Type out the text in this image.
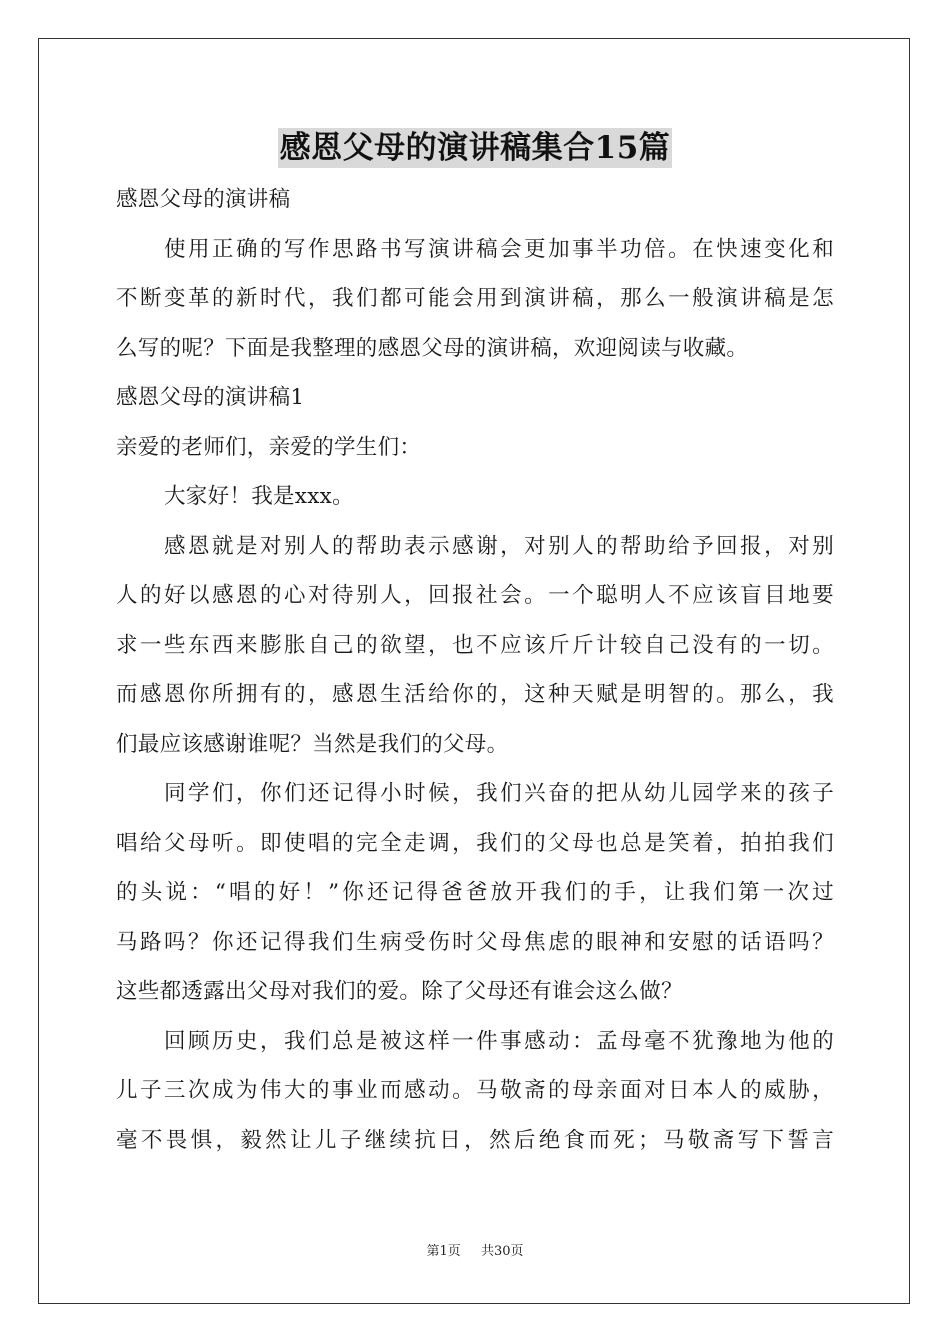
感恩父母的演讲稿集合15篇
感恩父母的演讲稿
使用正确的写作思路书写演讲稿会更加事半功倍。在快速变化和
不断变革的新时代，我们都可能会用到演讲稿，那么一般演讲稿是怎
么写的呢？下面是我整理的感恩父母的演讲稿，欢迎阅读与收藏。
感恩父母的演讲稿1
亲爱的老师们，亲爱的学生们：
大家好！我是xxx。
感恩就是对别人的帮助表示感谢，对别人的帮助给予回报，对别
人的好以感恩的心对待别人，回报社会。一个聪明人不应该盲目地要
求一些东西来膨胀自己的欲望，也不应该斤斤计较自己没有的一切。
而感恩你所拥有的，感恩生活给你的，这种天赋是明智的。那么，我
们最应该感谢谁呢？当然是我们的父母。
同学们，你们还记得小时候，我们兴奋的把从幼儿园学来的孩子
唱给父母听。即使唱的完全走调，我们的父母也总是笑着，拍拍我们
的头说：“唱的好！”你还记得爸爸放开我们的手，让我们第一次过
马路吗？你还记得我们生病受伤时父母焦虑的眼神和安慰的话语吗？
这些都透露出父母对我们的爱。除了父母还有谁会这么做？
回顾历史，我们总是被这样一件事感动：孟母毫不犹豫地为他的
儿子三次成为伟大的事业而感动。马敬斋的母亲面对日本人的威胁，
毫不畏惧，毅然让儿子继续抗日，然后绝食而死；马敬斋写下誓言
第1页 共30页
